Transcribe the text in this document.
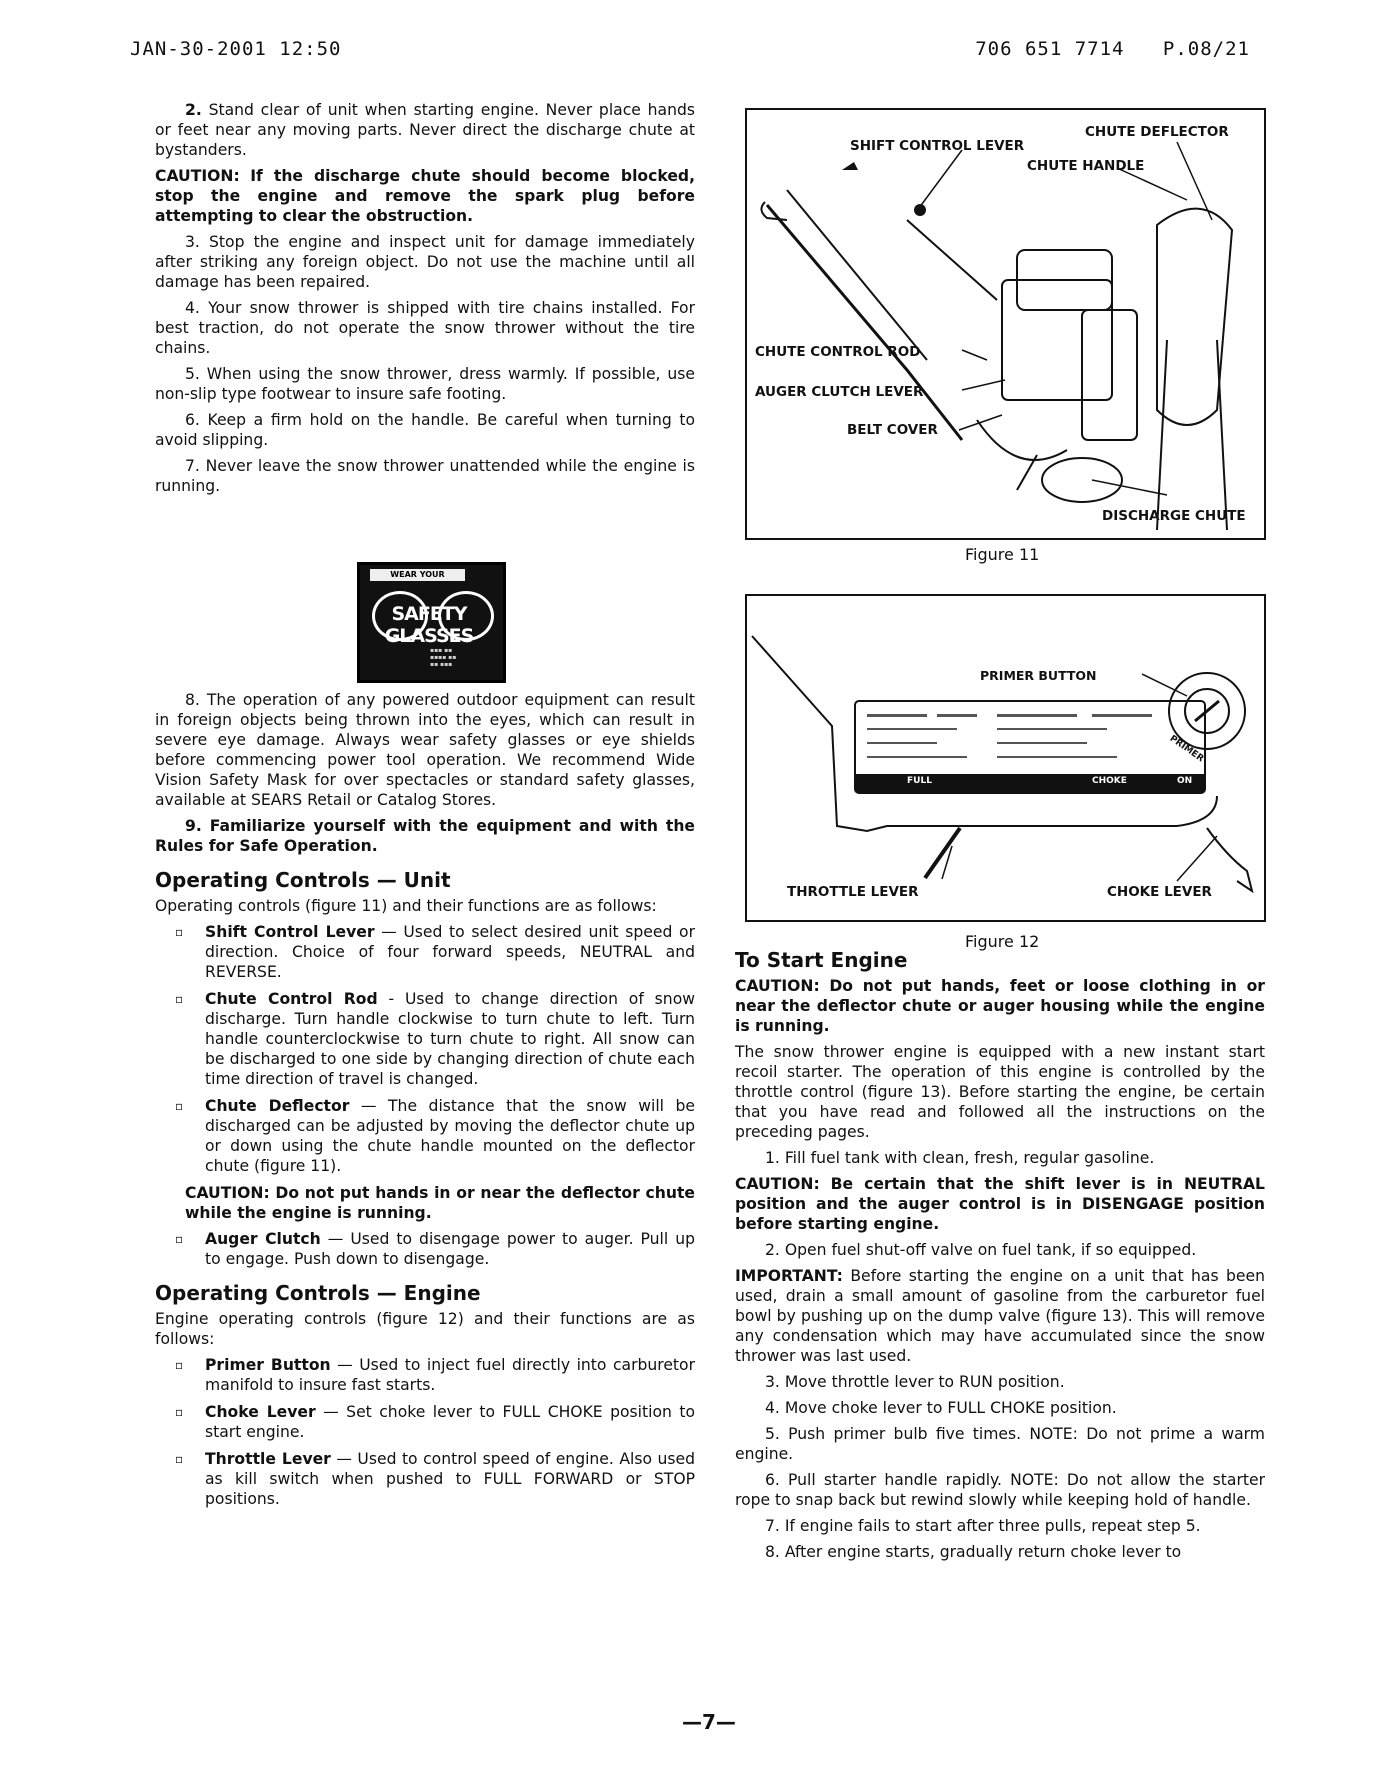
JAN-30-2001 12:50	706 651 7714 P.08/21

2. Stand clear of unit when starting engine. Never place hands or feet near any moving parts. Never direct the discharge chute at bystanders.

CAUTION: If the discharge chute should become blocked, stop the engine and remove the spark plug before attempting to clear the obstruction.

3. Stop the engine and inspect unit for damage immediately after striking any foreign object. Do not use the machine until all damage has been repaired.

4. Your snow thrower is shipped with tire chains installed. For best traction, do not operate the snow thrower without the tire chains.

5. When using the snow thrower, dress warmly. If possible, use non-slip type footwear to insure safe footing.

6. Keep a firm hold on the handle. Be careful when turning to avoid slipping.

7. Never leave the snow thrower unattended while the engine is running.

WEAR YOUR
SAFETY GLASSES
▪▪▪ ▪▪
▪▪▪▪ ▪▪
▪▪ ▪▪▪

8. The operation of any powered outdoor equipment can result in foreign objects being thrown into the eyes, which can result in severe eye damage. Always wear safety glasses or eye shields before commencing power tool operation. We recommend Wide Vision Safety Mask for over spectacles or standard safety glasses, available at SEARS Retail or Catalog Stores.

9. Familiarize yourself with the equipment and with the Rules for Safe Operation.

Operating Controls — Unit

Operating controls (figure 11) and their functions are as follows:

▫ Shift Control Lever — Used to select desired unit speed or direction. Choice of four forward speeds, NEUTRAL and REVERSE.
▫ Chute Control Rod - Used to change direction of snow discharge. Turn handle clockwise to turn chute to left. Turn handle counterclockwise to turn chute to right. All snow can be discharged to one side by changing direction of chute each time direction of travel is changed.
▫ Chute Deflector — The distance that the snow will be discharged can be adjusted by moving the deflector chute up or down using the chute handle mounted on the deflector chute (figure 11).

CAUTION: Do not put hands in or near the deflector chute while the engine is running.

▫ Auger Clutch — Used to disengage power to auger. Pull up to engage. Push down to disengage.
Operating Controls — Engine

Engine operating controls (figure 12) and their functions are as follows:

▫ Primer Button — Used to inject fuel directly into carburetor manifold to insure fast starts.
▫ Choke Lever — Set choke lever to FULL CHOKE position to start engine.
▫ Throttle Lever — Used to control speed of engine. Also used as kill switch when pushed to FULL FORWARD or STOP positions.
SHIFT CONTROL LEVER
CHUTE DEFLECTOR
CHUTE HANDLE
CHUTE CONTROL ROD
AUGER CLUTCH LEVER
BELT COVER
DISCHARGE CHUTE
Figure 11
PRIMER BUTTON
PRIMER
FULL	CHOKE	ON
THROTTLE LEVER	CHOKE LEVER
Figure 12
To Start Engine

CAUTION: Do not put hands, feet or loose clothing in or near the deflector chute or auger housing while the engine is running.

The snow thrower engine is equipped with a new instant start recoil starter. The operation of this engine is controlled by the throttle control (figure 13). Before starting the engine, be certain that you have read and followed all the instructions on the preceding pages.

1. Fill fuel tank with clean, fresh, regular gasoline.

CAUTION: Be certain that the shift lever is in NEUTRAL position and the auger control is in DISENGAGE position before starting engine.

2. Open fuel shut-off valve on fuel tank, if so equipped.

IMPORTANT: Before starting the engine on a unit that has been used, drain a small amount of gasoline from the carburetor fuel bowl by pushing up on the dump valve (figure 13). This will remove any condensation which may have accumulated since the snow thrower was last used.

3. Move throttle lever to RUN position.

4. Move choke lever to FULL CHOKE position.

5. Push primer bulb five times. NOTE: Do not prime a warm engine.

6. Pull starter handle rapidly. NOTE: Do not allow the starter rope to snap back but rewind slowly while keeping hold of handle.

7. If engine fails to start after three pulls, repeat step 5.

8. After engine starts, gradually return choke lever to

—7—
